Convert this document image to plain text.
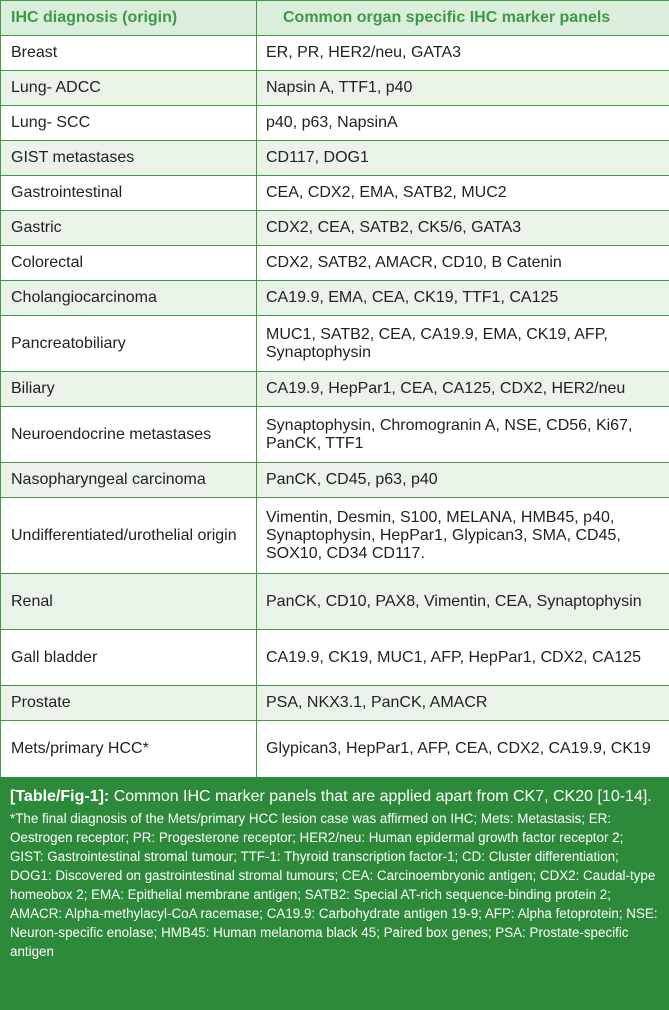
IHC diagnosis (origin)	Common organ specific IHC marker panels
Breast	ER, PR, HER2/neu, GATA3
Lung- ADCC	Napsin A, TTF1, p40
Lung- SCC	p40, p63, NapsinA
GIST metastases	CD117, DOG1
Gastrointestinal	CEA, CDX2, EMA, SATB2, MUC2
Gastric	CDX2, CEA, SATB2, CK5/6, GATA3
Colorectal	CDX2, SATB2, AMACR, CD10, B Catenin
Cholangiocarcinoma	CA19.9, EMA, CEA, CK19, TTF1, CA125
Pancreatobiliary	MUC1, SATB2, CEA, CA19.9, EMA, CK19, AFP, Synaptophysin
Biliary	CA19.9, HepPar1, CEA, CA125, CDX2, HER2/neu
Neuroendocrine metastases	Synaptophysin, Chromogranin A, NSE, CD56, Ki67, PanCK, TTF1
Nasopharyngeal carcinoma	PanCK, CD45, p63, p40
Undifferentiated/urothelial origin	Vimentin, Desmin, S100, MELANA, HMB45, p40, Synaptophysin, HepPar1, Glypican3, SMA, CD45, SOX10, CD34 CD117.
Renal	PanCK, CD10, PAX8, Vimentin, CEA, Synaptophysin
Gall bladder	CA19.9, CK19, MUC1, AFP, HepPar1, CDX2, CA125
Prostate	PSA, NKX3.1, PanCK, AMACR
Mets/primary HCC*	Glypican3, HepPar1, AFP, CEA, CDX2, CA19.9, CK19
[Table/Fig-1]: Common IHC marker panels that are applied apart from CK7, CK20 [10-14].
*The final diagnosis of the Mets/primary HCC lesion case was affirmed on IHC; Mets: Metastasis; ER: Oestrogen receptor; PR: Progesterone receptor; HER2/neu: Human epidermal growth factor receptor 2; GIST: Gastrointestinal stromal tumour; TTF-1: Thyroid transcription factor-1; CD: Cluster differentiation; DOG1: Discovered on gastrointestinal stromal tumours; CEA: Carcinoembryonic antigen; CDX2: Caudal-type homeobox 2; EMA: Epithelial membrane antigen; SATB2: Special AT-rich sequence-binding protein 2; AMACR: Alpha-methylacyl-CoA racemase; CA19.9: Carbohydrate antigen 19-9; AFP: Alpha fetoprotein; NSE: Neuron-specific enolase; HMB45: Human melanoma black 45; Paired box genes; PSA: Prostate-specific antigen
